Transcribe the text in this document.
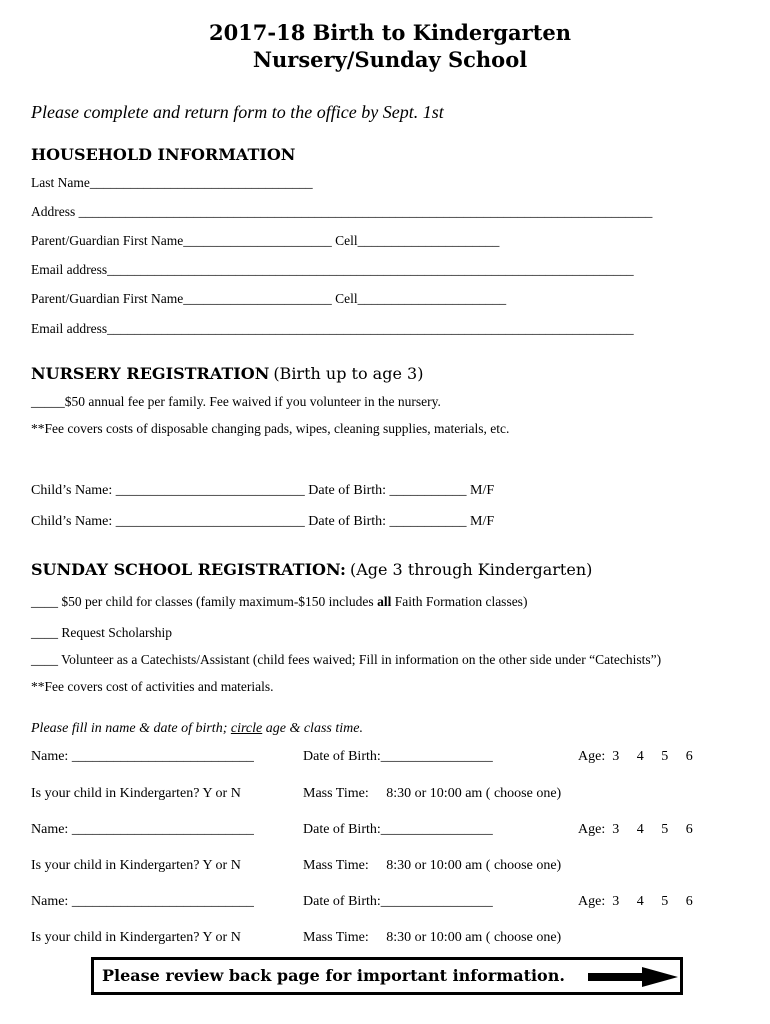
2017-18 Birth to Kindergarten
Nursery/Sunday School
Please complete and return form to the office by Sept. 1st
HOUSEHOLD INFORMATION
Last Name_________________________________
Address _____________________________________________________________________________________
Parent/Guardian First Name______________________ Cell_____________________
Email address______________________________________________________________________________
Parent/Guardian First Name______________________ Cell______________________
Email address______________________________________________________________________________
NURSERY REGISTRATION (Birth up to age 3)
_____$50 annual fee per family. Fee waived if you volunteer in the nursery.
**Fee covers costs of disposable changing pads, wipes, cleaning supplies, materials, etc.
Child’s Name: ___________________________ Date of Birth: ___________ M/F
Child’s Name: ___________________________ Date of Birth: ___________ M/F
SUNDAY SCHOOL REGISTRATION: (Age 3 through Kindergarten)
____ $50 per child for classes (family maximum-$150 includes all Faith Formation classes)
____ Request Scholarship
____ Volunteer as a Catechists/Assistant (child fees waived; Fill in information on the other side under “Catechists”)
**Fee covers cost of activities and materials.
Please fill in name & date of birth; circle age & class time.
Name: __________________________	Date of Birth:________________	Age:  3     4     5     6
Is your child in Kindergarten? Y or N	Mass Time:     8:30 or 10:00 am ( choose one)
Name: __________________________	Date of Birth:________________	Age:  3     4     5     6
Is your child in Kindergarten? Y or N	Mass Time:     8:30 or 10:00 am ( choose one)
Name: __________________________	Date of Birth:________________	Age:  3     4     5     6
Is your child in Kindergarten? Y or N	Mass Time:     8:30 or 10:00 am ( choose one)
Please review back page for important information.
